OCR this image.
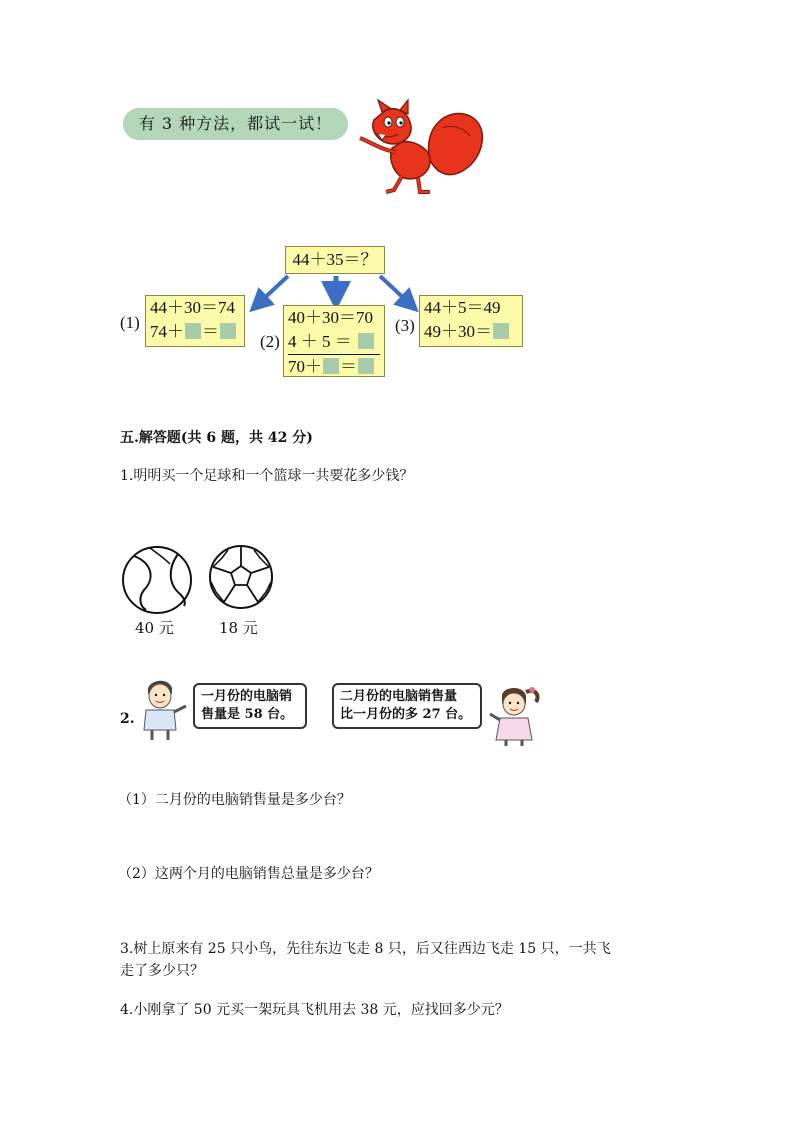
有 3 种方法，都试一试！
44＋35＝？
(1)
44＋30＝74
74＋ ＝
(2)
40＋30＝70
4 ＋ 5 ＝
70＋ ＝
(3)
44＋5＝49
49＋30＝
五.解答题(共 6 题，共 42 分)
1.明明买一个足球和一个篮球一共要花多少钱？
40 元	18 元
2.
一月份的电脑销
售量是 58 台。
二月份的电脑销售量
比一月份的多 27 台。
（1）二月份的电脑销售量是多少台？
（2）这两个月的电脑销售总量是多少台？
3.树上原来有 25 只小鸟，先往东边飞走 8 只，后又往西边飞走 15 只，一共飞
走了多少只？
4.小刚拿了 50 元买一架玩具飞机用去 38 元，应找回多少元？
